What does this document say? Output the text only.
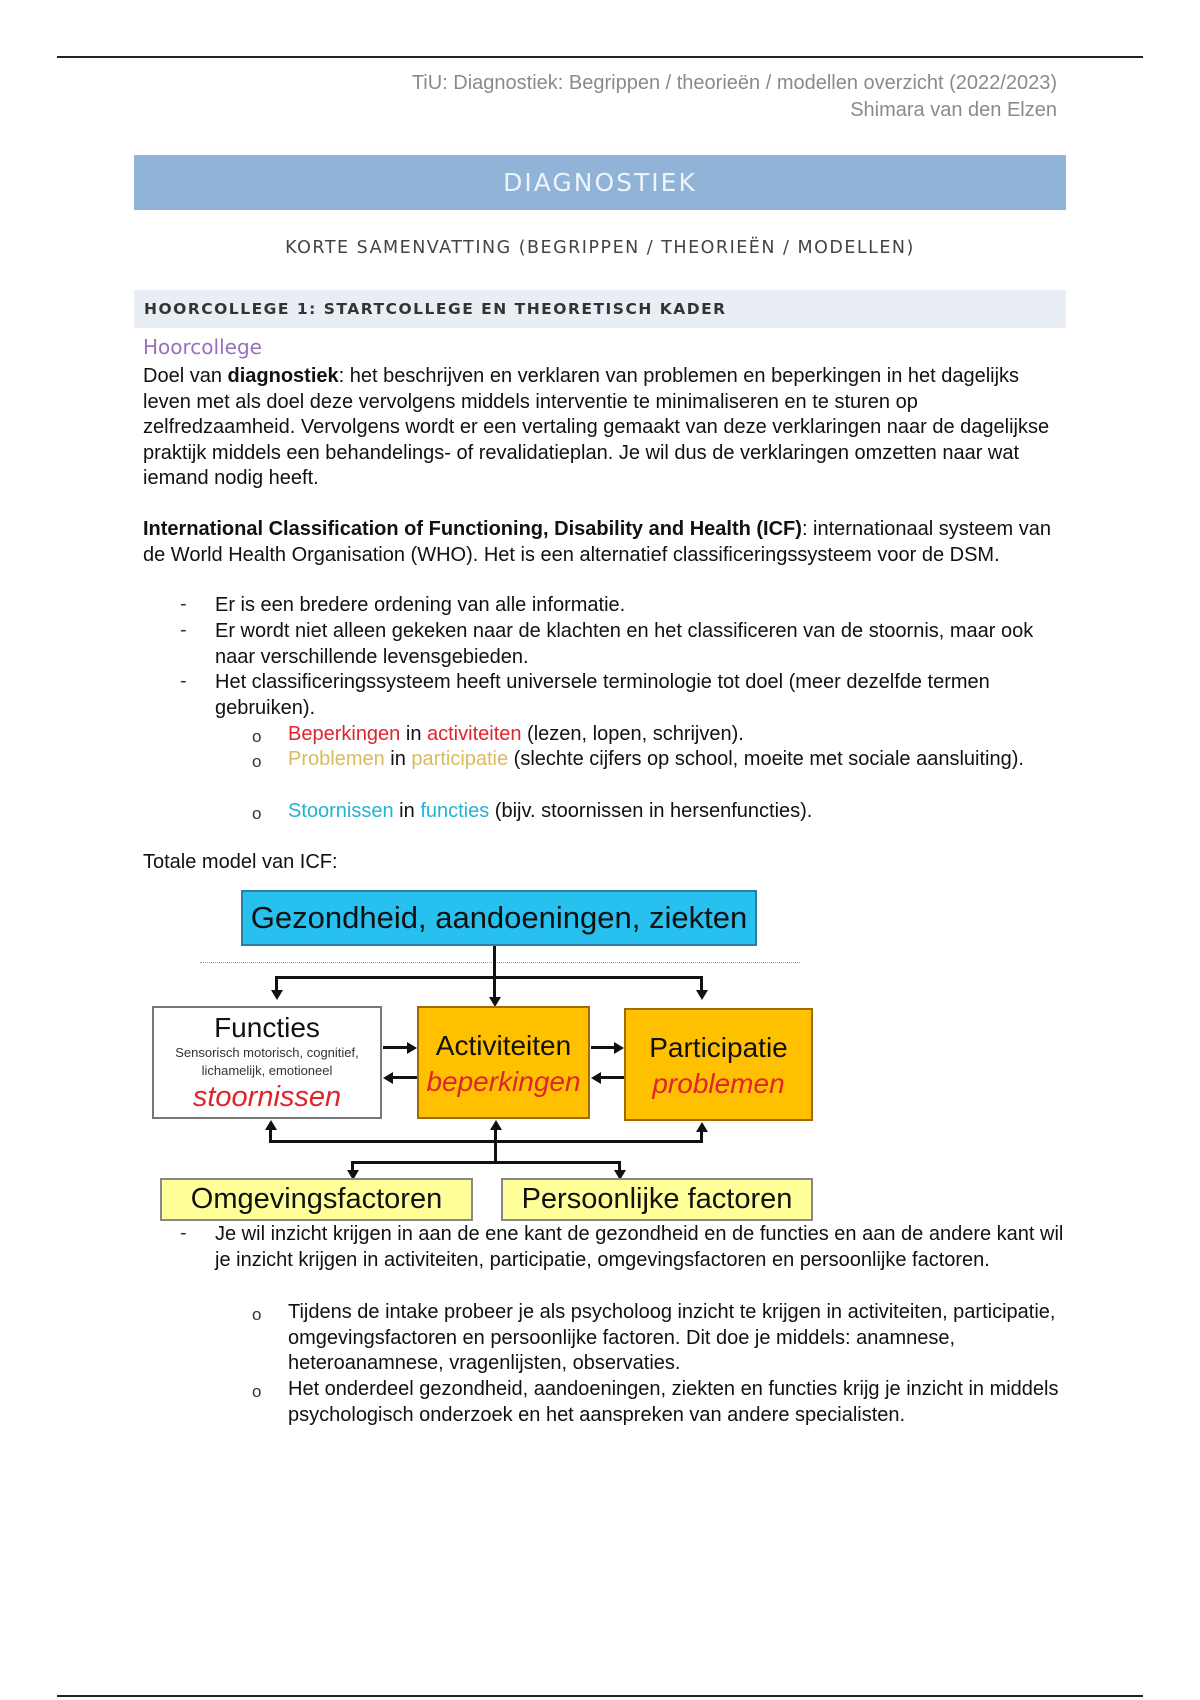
TiU: Diagnostiek: Begrippen / theorieën / modellen overzicht (2022/2023)
Shimara van den Elzen
DIAGNOSTIEK
KORTE SAMENVATTING (BEGRIPPEN / THEORIEËN / MODELLEN)
HOORCOLLEGE 1: STARTCOLLEGE EN THEORETISCH KADER
Hoorcollege
Doel van diagnostiek: het beschrijven en verklaren van problemen en beperkingen in het dagelijks leven met als doel deze vervolgens middels interventie te minimaliseren en te sturen op zelfredzaamheid. Vervolgens wordt er een vertaling gemaakt van deze verklaringen naar de dagelijkse praktijk middels een behandelings- of revalidatieplan. Je wil dus de verklaringen omzetten naar wat iemand nodig heeft.
International Classification of Functioning, Disability and Health (ICF): internationaal systeem van de World Health Organisation (WHO). Het is een alternatief classificeringssysteem voor de DSM.
- Er is een bredere ordening van alle informatie.
- Er wordt niet alleen gekeken naar de klachten en het classificeren van de stoornis, maar ook naar verschillende levensgebieden.
- Het classificeringssysteem heeft universele terminologie tot doel (meer dezelfde termen gebruiken).
o Beperkingen in activiteiten (lezen, lopen, schrijven).
o Problemen in participatie (slechte cijfers op school, moeite met sociale aansluiting).
o Stoornissen in functies (bijv. stoornissen in hersenfuncties).
Totale model van ICF:
Gezondheid, aandoeningen, ziekten
Functies
Sensorisch motorisch, cognitief, lichamelijk, emotioneel
stoornissen
Activiteiten
beperkingen
Participatie
problemen
Omgevingsfactoren	Persoonlijke factoren
- Je wil inzicht krijgen in aan de ene kant de gezondheid en de functies en aan de andere kant wil je inzicht krijgen in activiteiten, participatie, omgevingsfactoren en persoonlijke factoren.
o Tijdens de intake probeer je als psycholoog inzicht te krijgen in activiteiten, participatie, omgevingsfactoren en persoonlijke factoren. Dit doe je middels: anamnese, heteroanamnese, vragenlijsten, observaties.
o Het onderdeel gezondheid, aandoeningen, ziekten en functies krijg je inzicht in middels psychologisch onderzoek en het aanspreken van andere specialisten.
